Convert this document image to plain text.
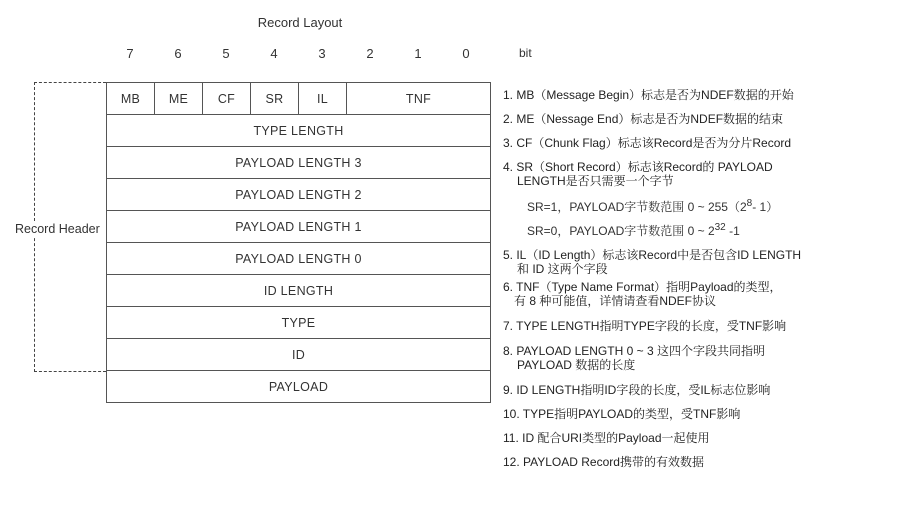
Record Layout
7	6	5	4	3	2	1	0	bit
Record Header
MB	ME	CF	SR	IL	TNF
TYPE LENGTH
PAYLOAD LENGTH 3
PAYLOAD LENGTH 2
PAYLOAD LENGTH 1
PAYLOAD LENGTH 0
ID LENGTH
TYPE
ID
PAYLOAD
1. MB（Message Begin）标志是否为NDEF数据的开始
2. ME（Nessage End）标志是否为NDEF数据的结束
3. CF（Chunk Flag）标志该Record是否为分片Record
4. SR（Short Record）标志该Record的 PAYLOAD
LENGTH是否只需要一个字节
SR=1，PAYLOAD字节数范围 0 ~ $255(2^8-$ 1）
SR=0，PAYLOAD字节数范围 0 ~ $2^{32}$ -1
5. IL（ID Length）标志该Record中是否包含ID LENGTH
和 ID 这两个字段
6. TNF（Type Name Format）指明Payload的类型，
有 8 种可能值，详情请查看NDEF协议
7. TYPE LENGTH指明TYPE字段的长度，受TNF影响
8. PAYLOAD LENGTH 0 ~ 3 这四个字段共同指明
PAYLOAD 数据的长度
9. ID LENGTH指明ID字段的长度，受IL标志位影响
10. TYPE指明PAYLOAD的类型，受TNF影响
11. ID 配合URI类型的Payload一起使用
12. PAYLOAD Record携带的有效数据
